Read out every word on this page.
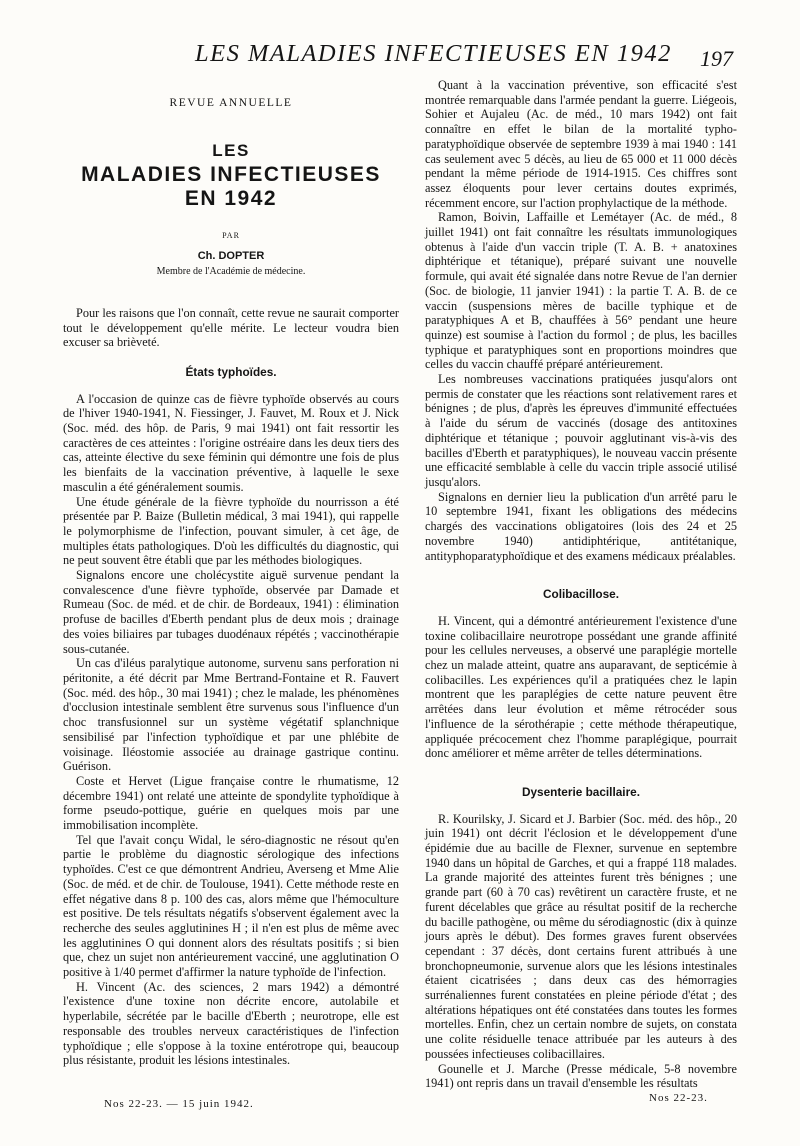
LES MALADIES INFECTIEUSES EN 1942 197
REVUE ANNUELLE
LES
MALADIES INFECTIEUSES
EN 1942
PAR
Ch. DOPTER
Membre de l'Académie de médecine.

Pour les raisons que l'on connaît, cette revue ne saurait comporter tout le développement qu'elle mérite. Le lecteur voudra bien excuser sa brièveté.

États typhoïdes.

A l'occasion de quinze cas de fièvre typhoïde observés au cours de l'hiver 1940-1941, N. Fiessinger, J. Fauvet, M. Roux et J. Nick (Soc. méd. des hôp. de Paris, 9 mai 1941) ont fait ressortir les caractères de ces atteintes : l'origine ostréaire dans les deux tiers des cas, atteinte élective du sexe féminin qui démontre une fois de plus les bienfaits de la vaccination préventive, à laquelle le sexe masculin a été généralement soumis.

Une étude générale de la fièvre typhoïde du nourrisson a été présentée par P. Baize (Bulletin médical, 3 mai 1941), qui rappelle le polymorphisme de l'infection, pouvant simuler, à cet âge, de multiples états pathologiques. D'où les difficultés du diagnostic, qui ne peut souvent être établi que par les méthodes biologiques.

Signalons encore une cholécystite aiguë survenue pendant la convalescence d'une fièvre typhoïde, observée par Damade et Rumeau (Soc. de méd. et de chir. de Bordeaux, 1941) : élimination profuse de bacilles d'Eberth pendant plus de deux mois ; drainage des voies biliaires par tubages duodénaux répétés ; vaccinothérapie sous-cutanée.

Un cas d'iléus paralytique autonome, survenu sans perforation ni péritonite, a été décrit par Mme Bertrand-Fontaine et R. Fauvert (Soc. méd. des hôp., 30 mai 1941) ; chez le malade, les phénomènes d'occlusion intestinale semblent être survenus sous l'influence d'un choc transfusionnel sur un système végétatif splanchnique sensibilisé par l'infection typhoïdique et par une phlébite de voisinage. Iléostomie associée au drainage gastrique continu. Guérison.

Coste et Hervet (Ligue française contre le rhumatisme, 12 décembre 1941) ont relaté une atteinte de spondylite typhoïdique à forme pseudo-pottique, guérie en quelques mois par une immobilisation incomplète.

Tel que l'avait conçu Widal, le séro-diagnostic ne résout qu'en partie le problème du diagnostic sérologique des infections typhoïdes. C'est ce que démontrent Andrieu, Averseng et Mme Alie (Soc. de méd. et de chir. de Toulouse, 1941). Cette méthode reste en effet négative dans 8 p. 100 des cas, alors même que l'hémoculture est positive. De tels résultats négatifs s'observent également avec la recherche des seules agglutinines H ; il n'en est plus de même avec les agglutinines O qui donnent alors des résultats positifs ; si bien que, chez un sujet non antérieurement vacciné, une agglutination O positive à 1/40 permet d'affirmer la nature typhoïde de l'infection.

H. Vincent (Ac. des sciences, 2 mars 1942) a démontré l'existence d'une toxine non décrite encore, autolabile et hyperlabile, sécrétée par le bacille d'Eberth ; neurotrope, elle est responsable des troubles nerveux caractéristiques de l'infection typhoïdique ; elle s'oppose à la toxine entérotrope qui, beaucoup plus résistante, produit les lésions intestinales.

Quant à la vaccination préventive, son efficacité s'est montrée remarquable dans l'armée pendant la guerre. Liégeois, Sohier et Aujaleu (Ac. de méd., 10 mars 1942) ont fait connaître en effet le bilan de la mortalité typho-paratyphoïdique observée de septembre 1939 à mai 1940 : 141 cas seulement avec 5 décès, au lieu de 65 000 et 11 000 décès pendant la même période de 1914-1915. Ces chiffres sont assez éloquents pour lever certains doutes exprimés, récemment encore, sur l'action prophylactique de la méthode.

Ramon, Boivin, Laffaille et Lemétayer (Ac. de méd., 8 juillet 1941) ont fait connaître les résultats immunologiques obtenus à l'aide d'un vaccin triple (T. A. B. + anatoxines diphtérique et tétanique), préparé suivant une nouvelle formule, qui avait été signalée dans notre Revue de l'an dernier (Soc. de biologie, 11 janvier 1941) : la partie T. A. B. de ce vaccin (suspensions mères de bacille typhique et de paratyphiques A et B, chauffées à 56° pendant une heure quinze) est soumise à l'action du formol ; de plus, les bacilles typhique et paratyphiques sont en proportions moindres que celles du vaccin chauffé préparé antérieurement.

Les nombreuses vaccinations pratiquées jusqu'alors ont permis de constater que les réactions sont relativement rares et bénignes ; de plus, d'après les épreuves d'immunité effectuées à l'aide du sérum de vaccinés (dosage des antitoxines diphtérique et tétanique ; pouvoir agglutinant vis-à-vis des bacilles d'Eberth et paratyphiques), le nouveau vaccin présente une efficacité semblable à celle du vaccin triple associé utilisé jusqu'alors.

Signalons en dernier lieu la publication d'un arrêté paru le 10 septembre 1941, fixant les obligations des médecins chargés des vaccinations obligatoires (lois des 24 et 25 novembre 1940) antidiphtérique, antitétanique, antityphoparatyphoïdique et des examens médicaux préalables.

Colibacillose.

H. Vincent, qui a démontré antérieurement l'existence d'une toxine colibacillaire neurotrope possédant une grande affinité pour les cellules nerveuses, a observé une paraplégie mortelle chez un malade atteint, quatre ans auparavant, de septicémie à colibacilles. Les expériences qu'il a pratiquées chez le lapin montrent que les paraplégies de cette nature peuvent être arrêtées dans leur évolution et même rétrocéder sous l'influence de la sérothérapie ; cette méthode thérapeutique, appliquée précocement chez l'homme paraplégique, pourrait donc améliorer et même arrêter de telles déterminations.

Dysenterie bacillaire.

R. Kourilsky, J. Sicard et J. Barbier (Soc. méd. des hôp., 20 juin 1941) ont décrit l'éclosion et le développement d'une épidémie due au bacille de Flexner, survenue en septembre 1940 dans un hôpital de Garches, et qui a frappé 118 malades. La grande majorité des atteintes furent très bénignes ; une grande part (60 à 70 cas) revêtirent un caractère fruste, et ne furent décelables que grâce au résultat positif de la recherche du bacille pathogène, ou même du sérodiagnostic (dix à quinze jours après le début). Des formes graves furent observées cependant : 37 décès, dont certains furent attribués à une bronchopneumonie, survenue alors que les lésions intestinales étaient cicatrisées ; dans deux cas des hémorragies surrénaliennes furent constatées en pleine période d'état ; des altérations hépatiques ont été constatées dans toutes les formes mortelles. Enfin, chez un certain nombre de sujets, on constata une colite résiduelle tenace attribuée par les auteurs à des poussées infectieuses colibacillaires.

Gounelle et J. Marche (Presse médicale, 5-8 novembre 1941) ont repris dans un travail d'ensemble les résultats

Nos 22-23. — 15 juin 1942.	Nos 22-23.
